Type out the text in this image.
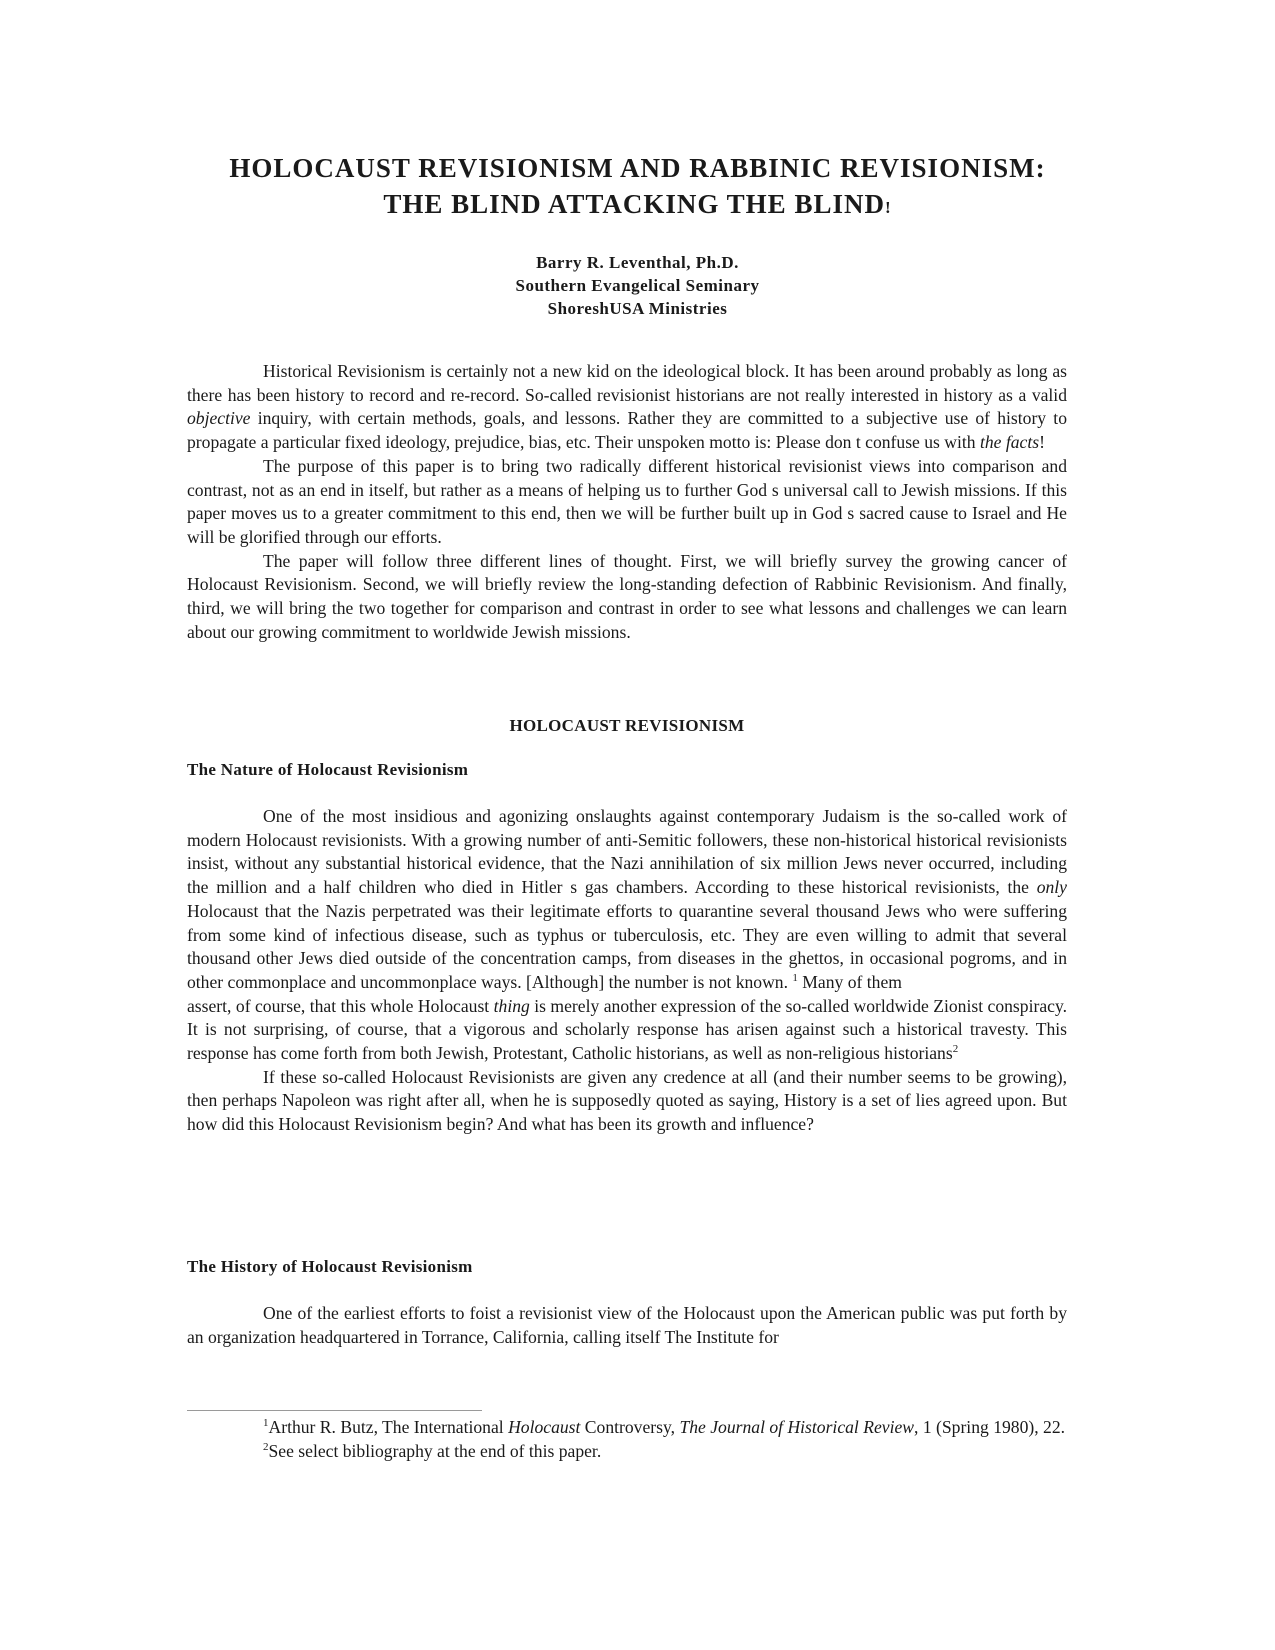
HOLOCAUST REVISIONISM AND RABBINIC REVISIONISM:
THE BLIND ATTACKING THE BLIND!
Barry R. Leventhal, Ph.D.
Southern Evangelical Seminary
ShoreshUSA Ministries

Historical Revisionism is certainly not a new kid on the ideological block. It has been around probably as long as there has been history to record and re-record. So-called revisionist historians are not really interested in history as a valid objective inquiry, with certain methods, goals, and lessons. Rather they are committed to a subjective use of history to propagate a particular fixed ideology, prejudice, bias, etc. Their unspoken motto is: Please don t confuse us with the facts!

The purpose of this paper is to bring two radically different historical revisionist views into comparison and contrast, not as an end in itself, but rather as a means of helping us to further God s universal call to Jewish missions. If this paper moves us to a greater commitment to this end, then we will be further built up in God s sacred cause to Israel and He will be glorified through our efforts.

The paper will follow three different lines of thought. First, we will briefly survey the growing cancer of Holocaust Revisionism. Second, we will briefly review the long-standing defection of Rabbinic Revisionism. And finally, third, we will bring the two together for comparison and contrast in order to see what lessons and challenges we can learn about our growing commitment to worldwide Jewish missions.

HOLOCAUST REVISIONISM
The Nature of Holocaust Revisionism

One of the most insidious and agonizing onslaughts against contemporary Judaism is the so-called work of modern Holocaust revisionists. With a growing number of anti-Semitic followers, these non-historical historical revisionists insist, without any substantial historical evidence, that the Nazi annihilation of six million Jews never occurred, including the million and a half children who died in Hitler s gas chambers. According to these historical revisionists, the only Holocaust that the Nazis perpetrated was their legitimate efforts to quarantine several thousand Jews who were suffering from some kind of infectious disease, such as typhus or tuberculosis, etc. They are even willing to admit that several thousand other Jews died outside of the concentration camps, from diseases in the ghettos, in occasional pogroms, and in other commonplace and uncommonplace ways. [Although] the number is not known. $^1$ Many of them

assert, of course, that this whole Holocaust thing is merely another expression of the so-called worldwide Zionist conspiracy. It is not surprising, of course, that a vigorous and scholarly response has arisen against such a historical travesty. This response has come forth from both Jewish, Protestant, Catholic historians, as well as non-religious historians$^2$

If these so-called Holocaust Revisionists are given any credence at all (and their number seems to be growing), then perhaps Napoleon was right after all, when he is supposedly quoted as saying, History is a set of lies agreed upon. But how did this Holocaust Revisionism begin? And what has been its growth and influence?

The History of Holocaust Revisionism

One of the earliest efforts to foist a revisionist view of the Holocaust upon the American public was put forth by an organization headquartered in Torrance, California, calling itself The Institute for

$^1$Arthur R. Butz, The International Holocaust Controversy, The Journal of Historical Review, 1 (Spring 1980), 22.

$^2$See select bibliography at the end of this paper.
